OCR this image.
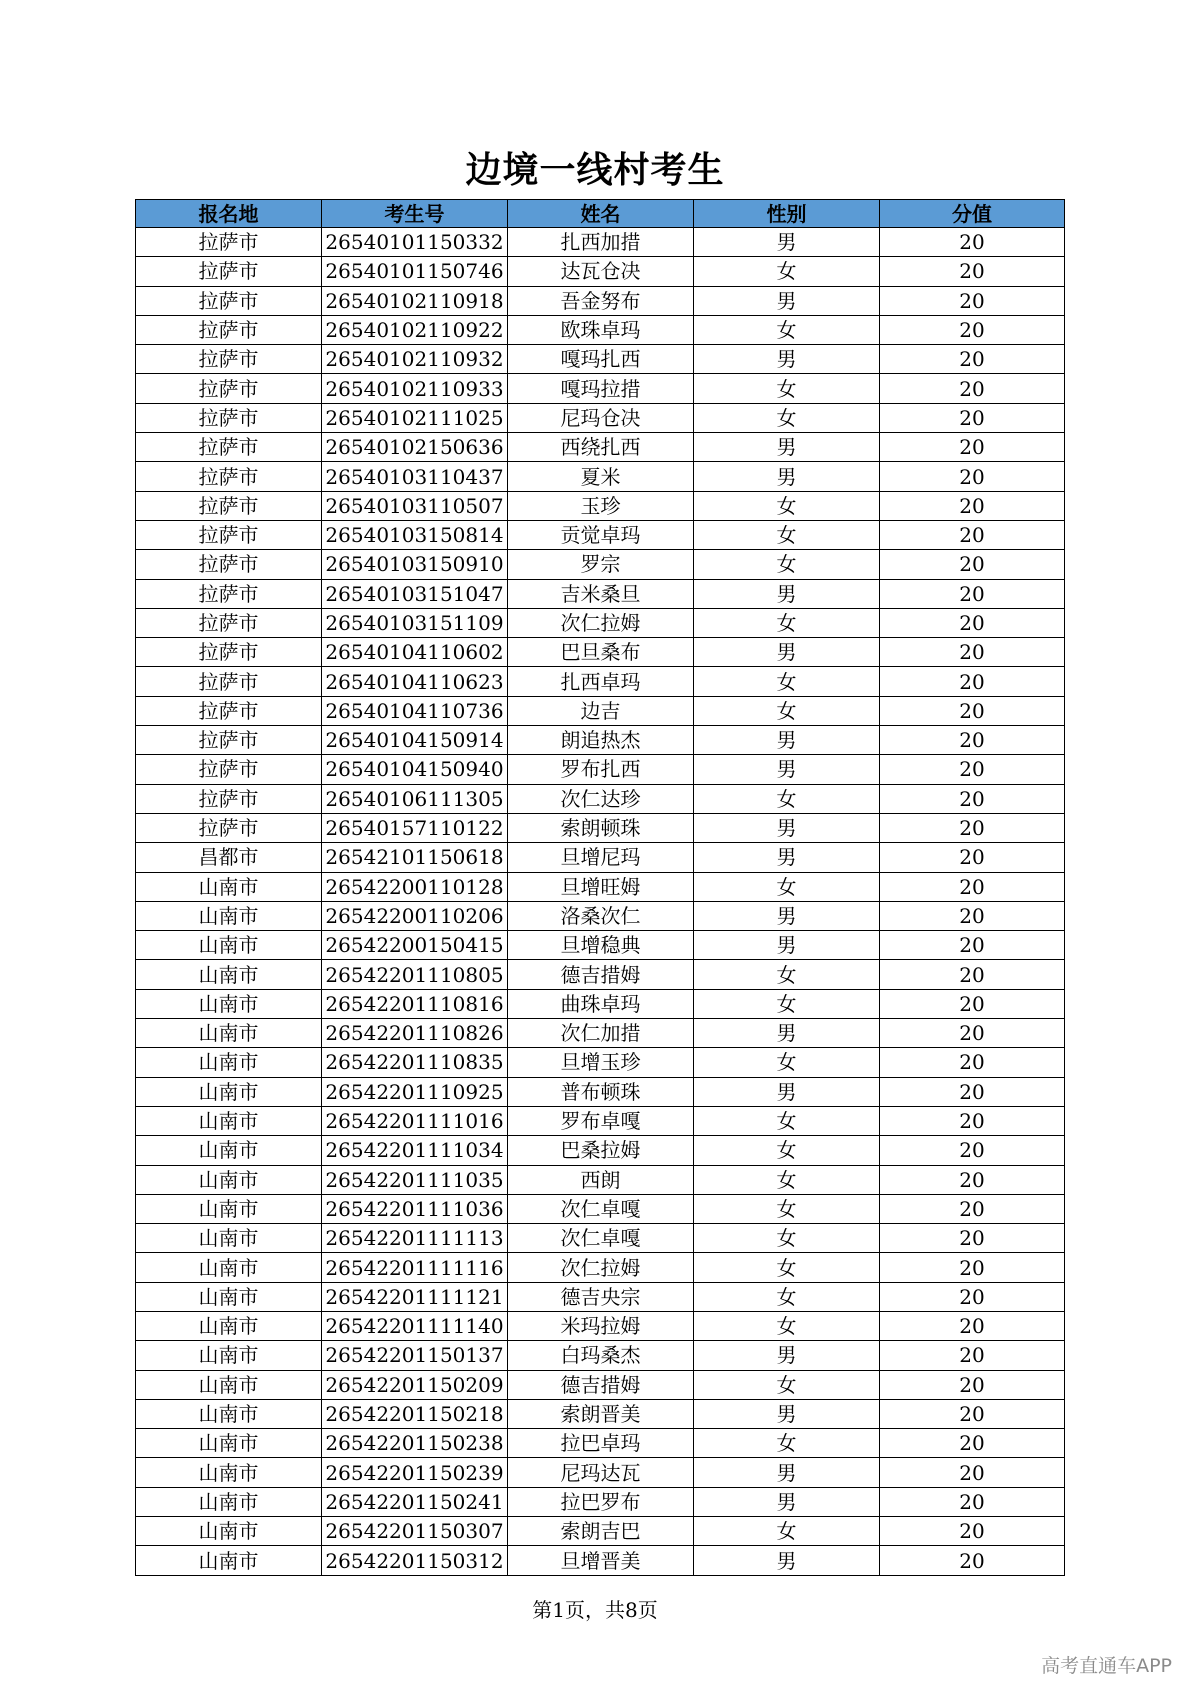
边境一线村考生
报名地	考生号	姓名	性别	分值
拉萨市	26540101150332	扎西加措	男	20
拉萨市	26540101150746	达瓦仓决	女	20
拉萨市	26540102110918	吾金努布	男	20
拉萨市	26540102110922	欧珠卓玛	女	20
拉萨市	26540102110932	嘎玛扎西	男	20
拉萨市	26540102110933	嘎玛拉措	女	20
拉萨市	26540102111025	尼玛仓决	女	20
拉萨市	26540102150636	西绕扎西	男	20
拉萨市	26540103110437	夏米	男	20
拉萨市	26540103110507	玉珍	女	20
拉萨市	26540103150814	贡觉卓玛	女	20
拉萨市	26540103150910	罗宗	女	20
拉萨市	26540103151047	吉米桑旦	男	20
拉萨市	26540103151109	次仁拉姆	女	20
拉萨市	26540104110602	巴旦桑布	男	20
拉萨市	26540104110623	扎西卓玛	女	20
拉萨市	26540104110736	边吉	女	20
拉萨市	26540104150914	朗追热杰	男	20
拉萨市	26540104150940	罗布扎西	男	20
拉萨市	26540106111305	次仁达珍	女	20
拉萨市	26540157110122	索朗顿珠	男	20
昌都市	26542101150618	旦增尼玛	男	20
山南市	26542200110128	旦增旺姆	女	20
山南市	26542200110206	洛桑次仁	男	20
山南市	26542200150415	旦增稳典	男	20
山南市	26542201110805	德吉措姆	女	20
山南市	26542201110816	曲珠卓玛	女	20
山南市	26542201110826	次仁加措	男	20
山南市	26542201110835	旦增玉珍	女	20
山南市	26542201110925	普布顿珠	男	20
山南市	26542201111016	罗布卓嘎	女	20
山南市	26542201111034	巴桑拉姆	女	20
山南市	26542201111035	西朗	女	20
山南市	26542201111036	次仁卓嘎	女	20
山南市	26542201111113	次仁卓嘎	女	20
山南市	26542201111116	次仁拉姆	女	20
山南市	26542201111121	德吉央宗	女	20
山南市	26542201111140	米玛拉姆	女	20
山南市	26542201150137	白玛桑杰	男	20
山南市	26542201150209	德吉措姆	女	20
山南市	26542201150218	索朗晋美	男	20
山南市	26542201150238	拉巴卓玛	女	20
山南市	26542201150239	尼玛达瓦	男	20
山南市	26542201150241	拉巴罗布	男	20
山南市	26542201150307	索朗吉巴	女	20
山南市	26542201150312	旦增晋美	男	20
第1页，共8页
高考直通车APP
